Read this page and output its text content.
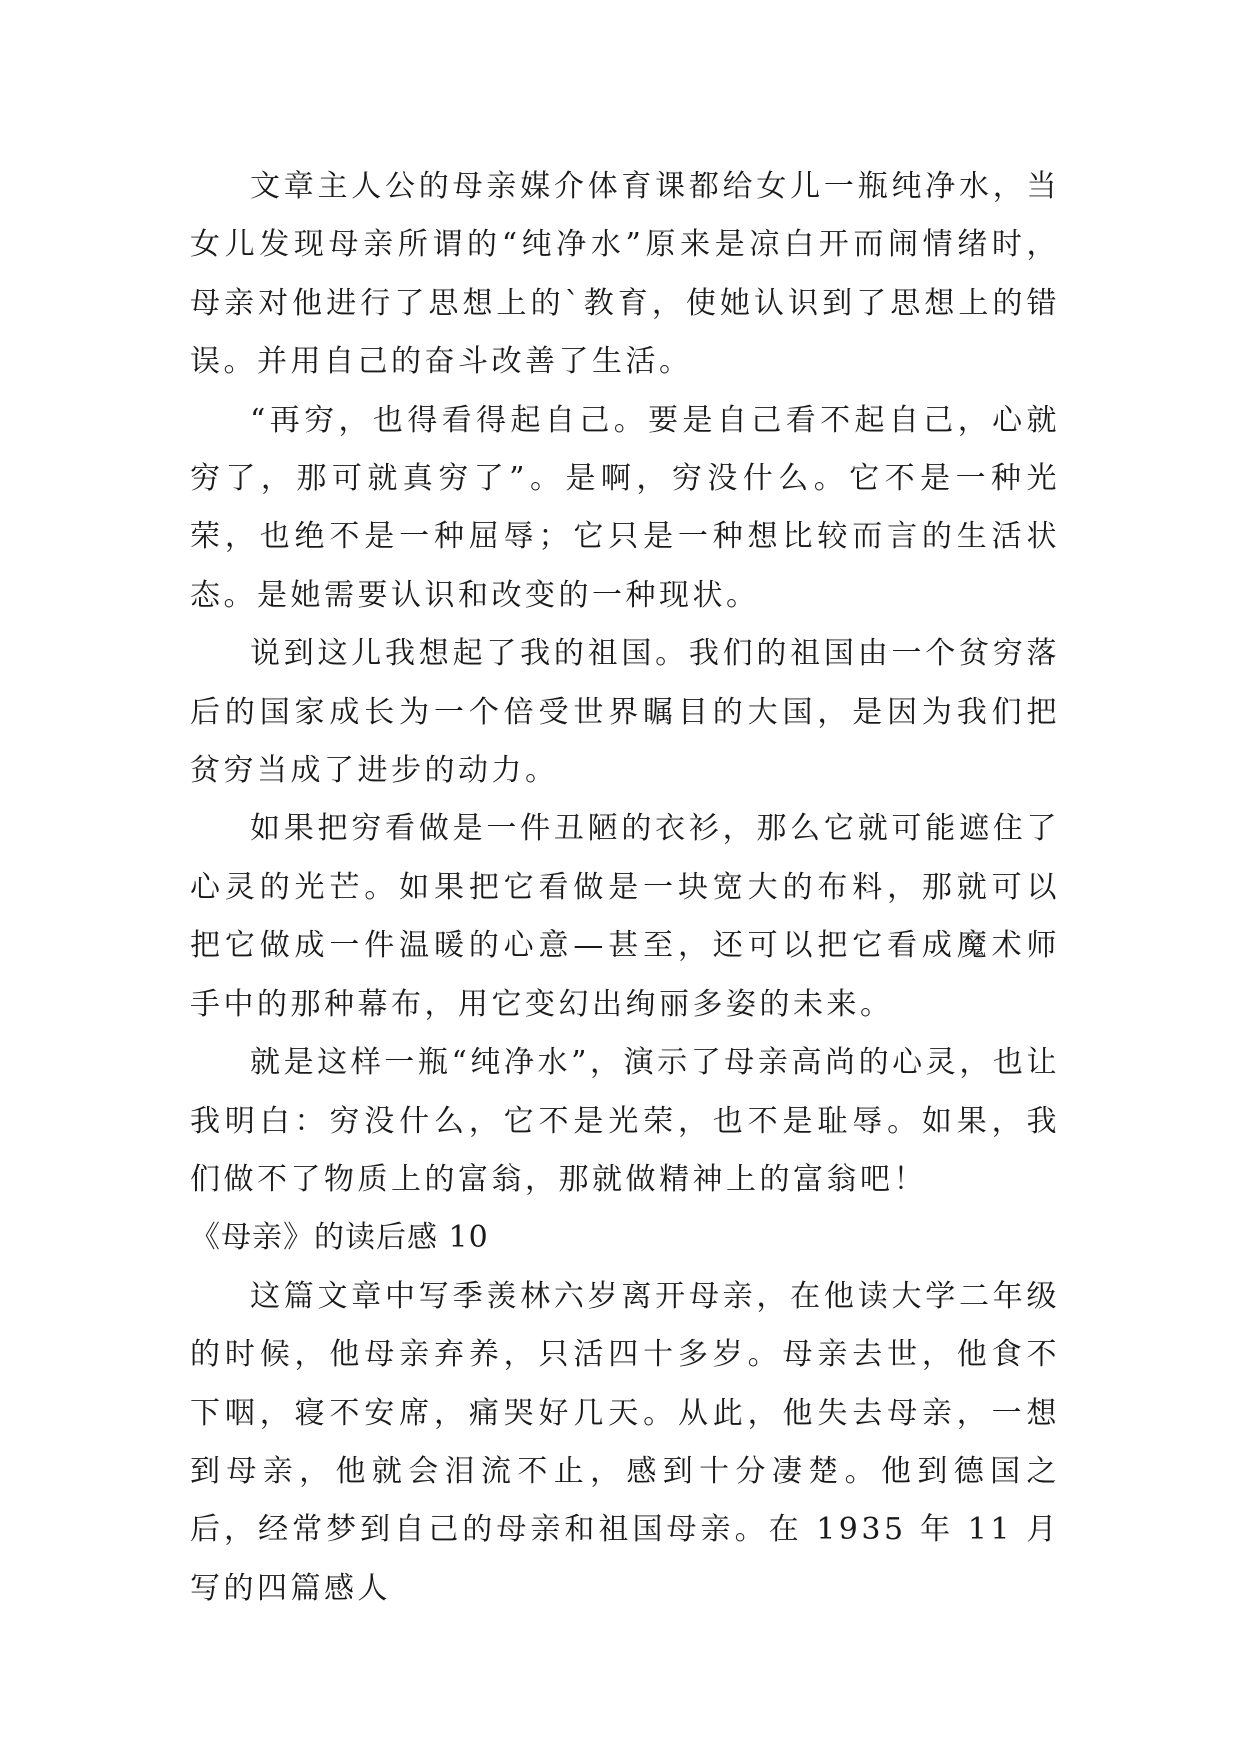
文章主人公的母亲媒介体育课都给女儿一瓶纯净水，当女儿发现母亲所谓的“纯净水”原来是凉白开而闹情绪时，母亲对他进行了思想上的`教育，使她认识到了思想上的错误。并用自己的奋斗改善了生活。

“再穷，也得看得起自己。要是自己看不起自己，心就穷了，那可就真穷了”。是啊，穷没什么。它不是一种光荣，也绝不是一种屈辱；它只是一种想比较而言的生活状态。是她需要认识和改变的一种现状。

说到这儿我想起了我的祖国。我们的祖国由一个贫穷落后的国家成长为一个倍受世界瞩目的大国，是因为我们把贫穷当成了进步的动力。

如果把穷看做是一件丑陋的衣衫，那么它就可能遮住了心灵的光芒。如果把它看做是一块宽大的布料，那就可以把它做成一件温暖的心意—甚至，还可以把它看成魔术师手中的那种幕布，用它变幻出绚丽多姿的未来。

就是这样一瓶“纯净水”，演示了母亲高尚的心灵，也让我明白：穷没什么，它不是光荣，也不是耻辱。如果，我们做不了物质上的富翁，那就做精神上的富翁吧！

《母亲》的读后感 10

这篇文章中写季羡林六岁离开母亲，在他读大学二年级的时候，他母亲弃养，只活四十多岁。母亲去世，他食不下咽，寝不安席，痛哭好几天。从此，他失去母亲，一想到母亲，他就会泪流不止，感到十分凄楚。他到德国之后，经常梦到自己的母亲和祖国母亲。在 1935 年 11 月写的四篇感人
